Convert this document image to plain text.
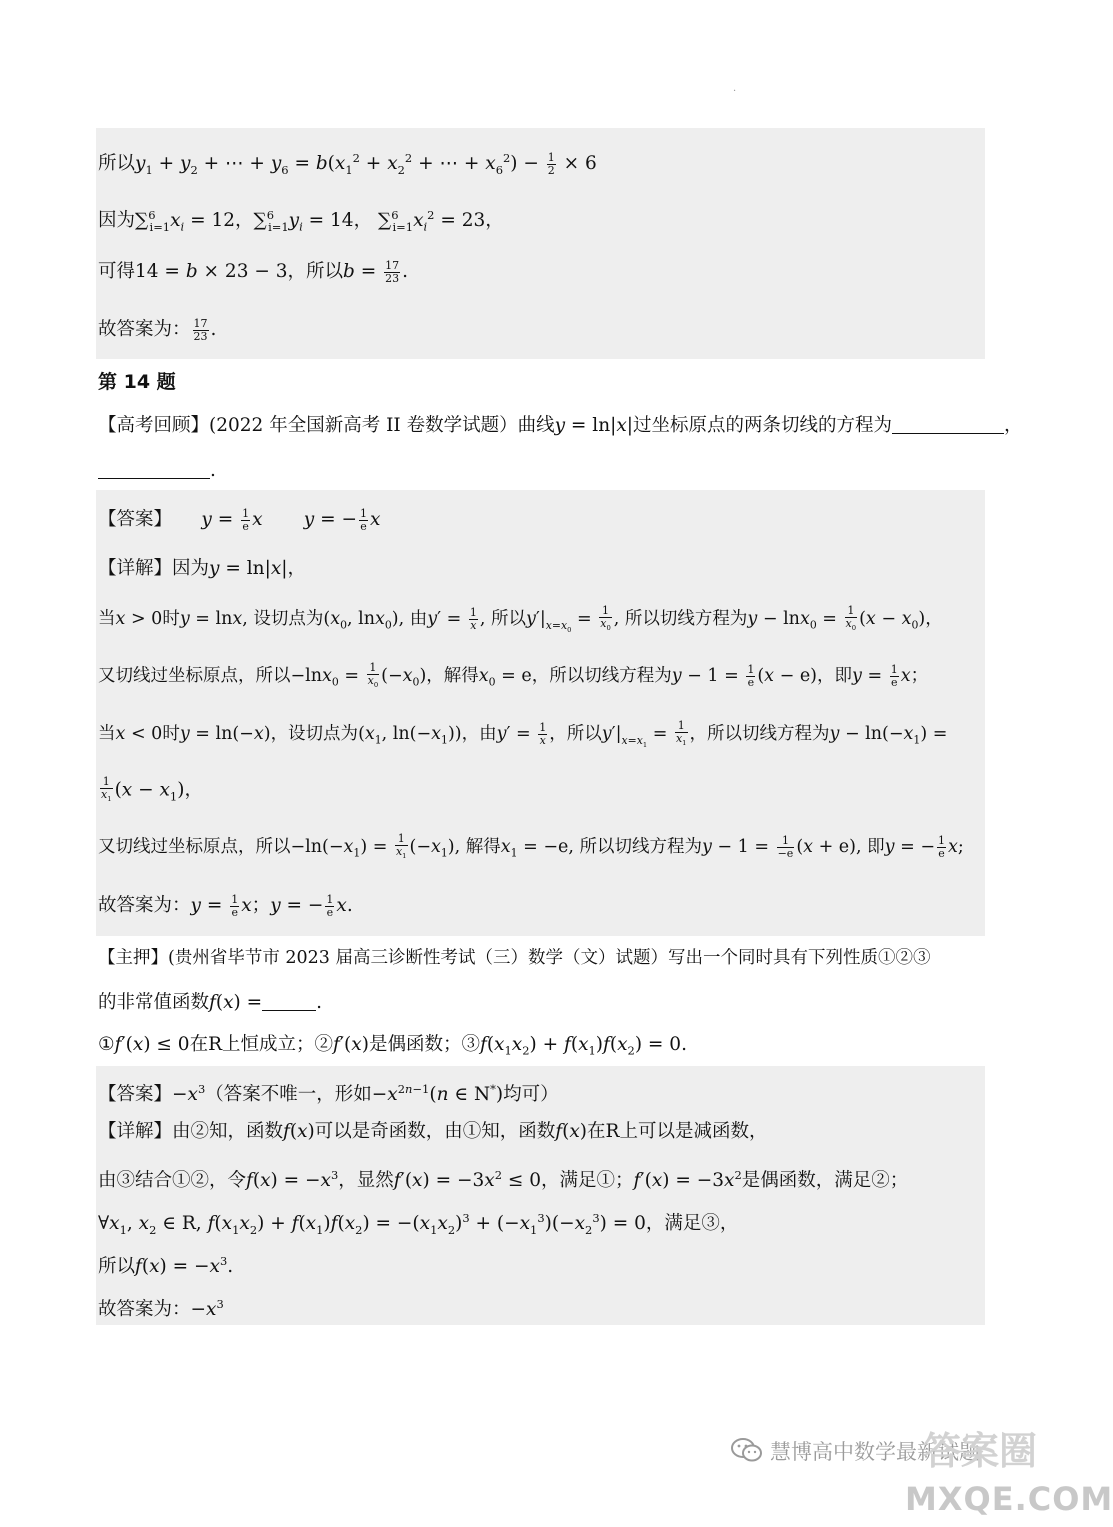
·
所以$y_1 + y_2$ + ⋯ + $y_6 = b(x_1^2 + x_2^2$ + ⋯ + $x_6^2) - \frac{1}{2} \times 6$
因为$\sum^6_{i=1}x_i = 12$，$\sum^6_{i=1}y_i = 14$， $\sum^6_{i=1}x_i^2 = 23$，
可得14 = b × 23 − 3，所以$b = \frac{17}{23}$ .
故答案为： $\frac{17}{23}$ .
第 14 题
【高考回顾】(2022 年全国新高考 II 卷数学试题）曲线y = ln|x|过坐标原点的两条切线的方程为	，
.
【答案】 $y = \frac{1}{e}$ x y = − $\frac{1}{e}$ x
【详解】因为y = ln|x|，
当x > 0时y = lnx, 设切点为($x_0$, lnx$_0$), 由$y' = \frac{1}{x}$ , 所以$y'|_{x=x_0} = \frac{1}{x_0}$ , 所以切线方程为$y - \ln x_0 = \frac{1}{x_0} (x - x_0)$，
又切线过坐标原点，所以$-\ln x_0 = \frac{1}{x_0} (-x_0)$，解得$x_0 = e$，所以切线方程为$y - 1 = \frac{1}{e} (x - e)$，即$y = \frac{1}{e}$ x；
当x < 0时y = ln(−x)，设切点为($x_1$, $\ln(-x_1)$)，由$y' = \frac{1}{x}$ ，所以$y'|_{x=x_1} = \frac{1}{x_1}$ ，所以切线方程为$y - \ln(-x_1)$ =
$\frac{1}{x_1} (x - x_1)$，
又切线过坐标原点，所以$-\ln(-x_1) = \frac{1}{x_1} (-x_1)$, 解得$x_1 = -e$, 所以切线方程为$y - 1 = \frac{1}{-e} (x + e)$, 即y = − $\frac{1}{e} x$;
故答案为：$y = \frac{1}{e}$ x；y = − $\frac{1}{e} x$.
【主押】(贵州省毕节市 2023 届高三诊断性考试（三）数学（文）试题）写出一个同时具有下列性质①②③
的非常值函数f(x) =	.
①f′(x) ≤ 0在R上恒成立；②f′(x)是偶函数；$③f(x_1x_2) + f(x_1)f(x_2) = 0$.
【答案】$-x^3$（答案不唯一，形如$-x^{2n-1}(n$ ∈ N*)均可）
【详解】由②知，函数f(x)可以是奇函数，由①知，函数f(x)在R上可以是减函数，
由③结合①②，令$f(x) = -x^3$，显然$f'(x) = -3x^2 \le 0$，满足①；$f'(x) = -3x^2$是偶函数，满足②；
$\forall x_1$, $x_2$ ∈ R, $f(x_1x_2) + f(x_1)f(x_2) = -(x_1x_2)^3 + (-x_1^3)(-x_2^3) = 0$，满足③，
所以$f(x) = -x^3$.
故答案为：$-x^3$
慧博高中数学最新试题
答案圈
MXQE.COM
